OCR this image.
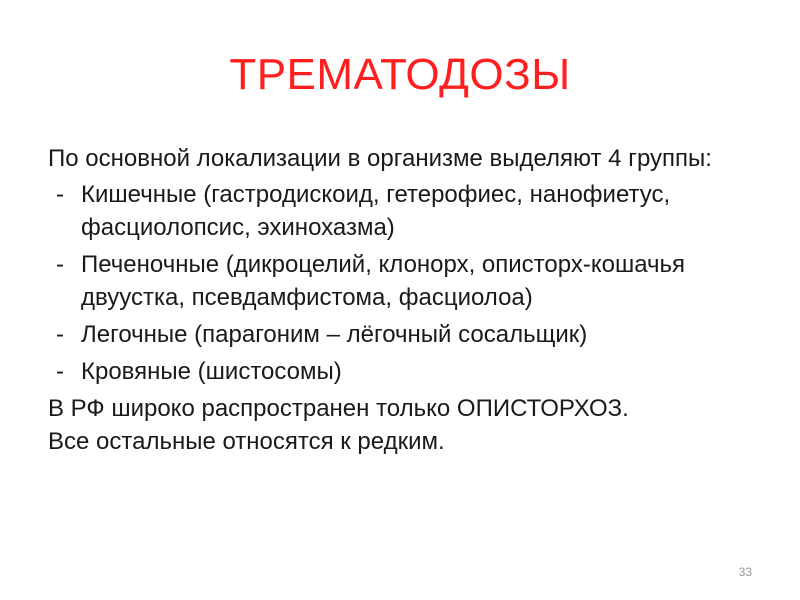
ТРЕМАТОДОЗЫ

По основной локализации в организме выделяют 4 группы:

- Кишечные (гастродискоид, гетерофиес, нанофиетус, фасциолопсис, эхинохазма)
- Печеночные (дикроцелий, клонорх, описторх-кошачья двуустка, псевдамфистома, фасциолоа)
- Легочные (парагоним – лёгочный сосальщик)
- Кровяные (шистосомы)

В РФ широко распространен только ОПИСТОРХОЗ.

Все остальные относятся к редким.

33
